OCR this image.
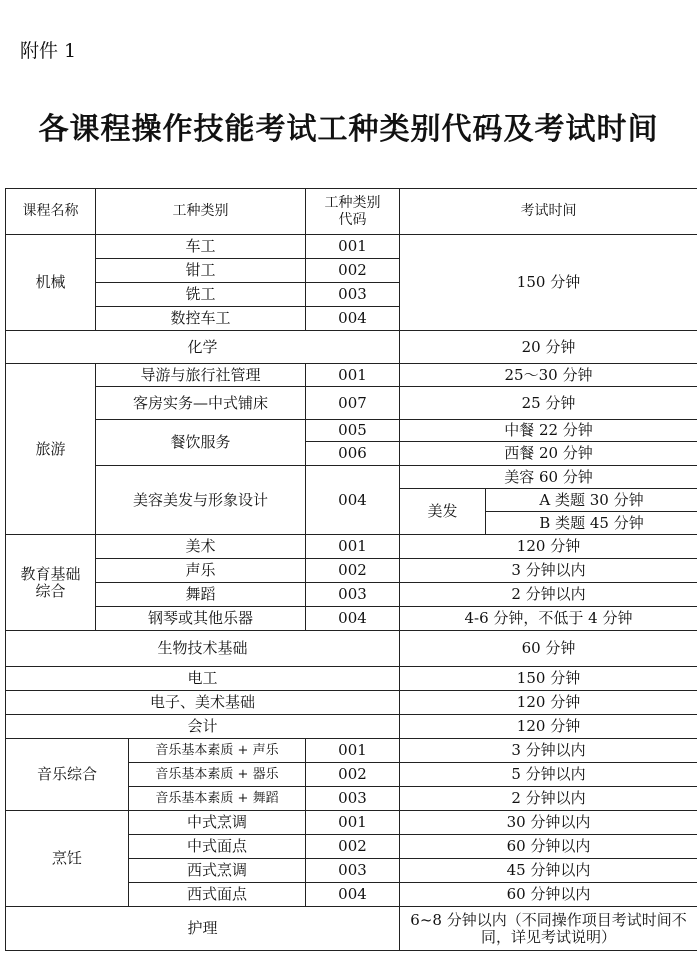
附件 1
各课程操作技能考试工种类别代码及考试时间
课程名称	工种类别		工种类别代码	考试时间	
机械	车工		001	150 分钟	
	钳工		002		
	铣工		003		
	数控车工		004		
化学				20 分钟	
旅游	导游与旅行社管理		001	25～30 分钟	
	客房实务—中式铺床		007	25 分钟	
	餐饮服务		005	中餐 22 分钟	
			006	西餐 20 分钟	
	美容美发与形象设计		004	美容 60 分钟	
				美发	A 类题 30 分钟
					B 类题 45 分钟
教育基础综合	美术		001	120 分钟	
	声乐		002	3 分钟以内	
	舞蹈		003	2 分钟以内	
	钢琴或其他乐器		004	4-6 分钟，不低于 4 分钟	
生物技术基础				60 分钟	
电工				150 分钟	
电子、美术基础				120 分钟	
会计				120 分钟	
音乐综合		音乐基本素质 + 声乐	001	3 分钟以内	
		音乐基本素质 + 器乐	002	5 分钟以内	
		音乐基本素质 + 舞蹈	003	2 分钟以内	
烹饪		中式烹调	001	30 分钟以内	
		中式面点	002	60 分钟以内	
		西式烹调	003	45 分钟以内	
		西式面点	004	60 分钟以内	
护理				6~8 分钟以内（不同操作项目考试时间不同，详见考试说明）	
